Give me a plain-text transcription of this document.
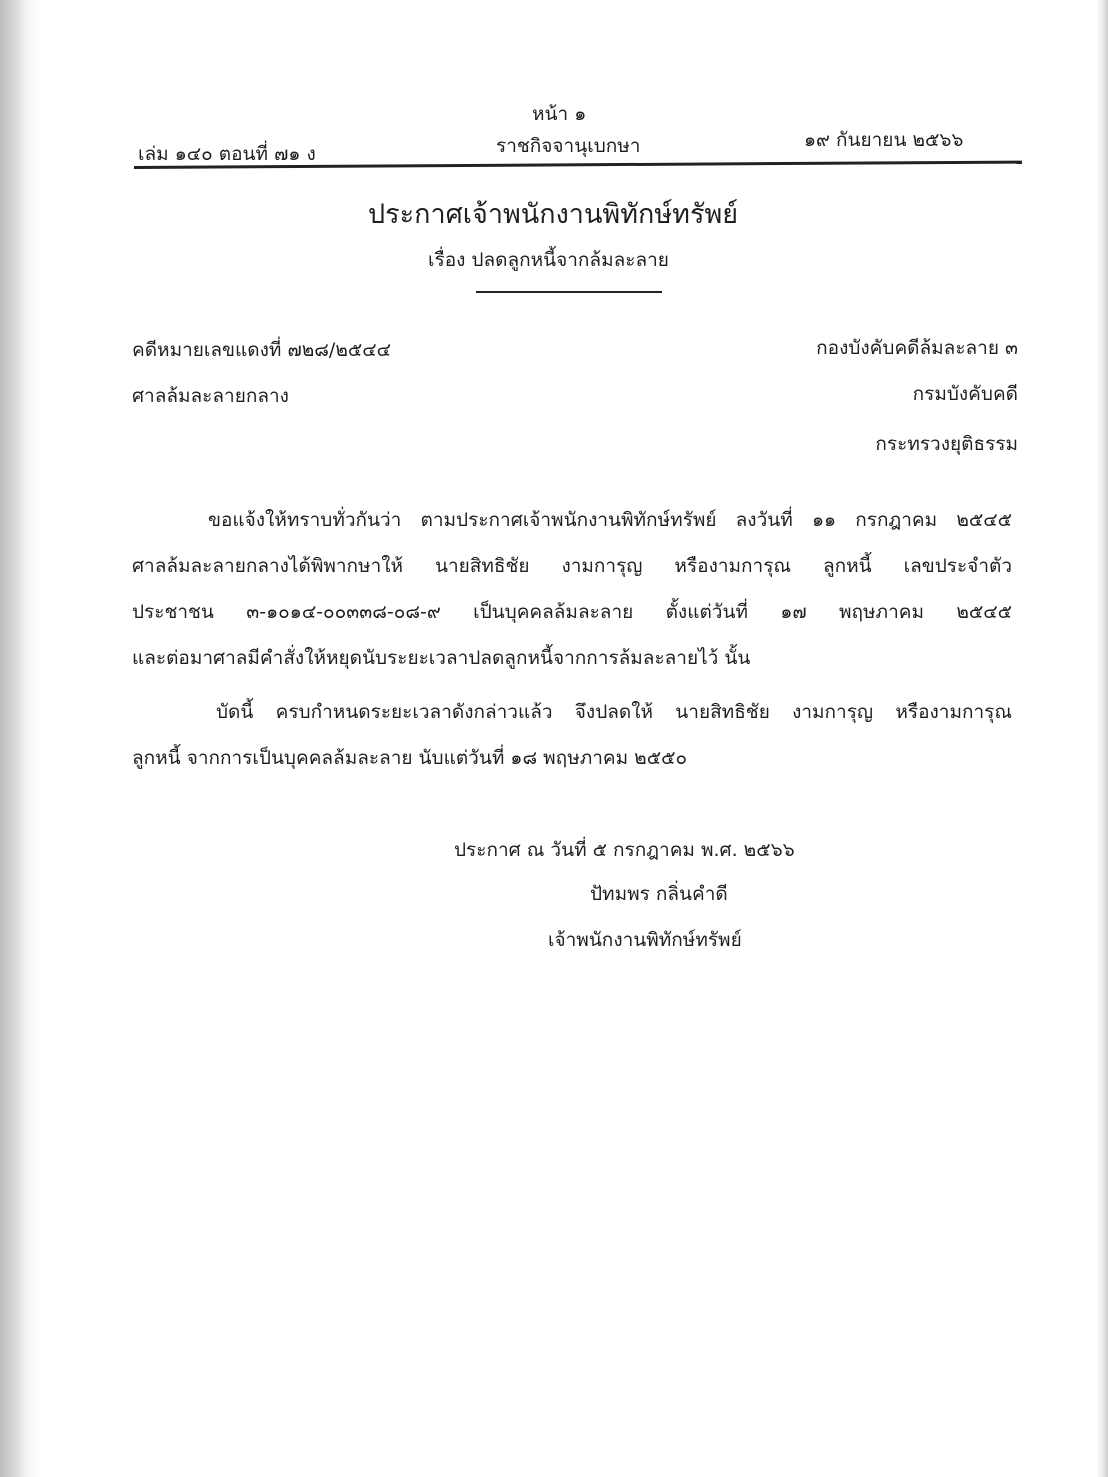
หน้า ๑
เล่ม ๑๔๐ ตอนที่ ๗๑ ง	ราชกิจจานุเบกษา	๑๙ กันยายน ๒๕๖๖
ประกาศเจ้าพนักงานพิทักษ์ทรัพย์
เรื่อง ปลดลูกหนี้จากล้มละลาย
คดีหมายเลขแดงที่ ๗๒๘/๒๕๔๔
ศาลล้มละลายกลาง
กองบังคับคดีล้มละลาย ๓
กรมบังคับคดี
กระทรวงยุติธรรม
ขอแจ้งให้ทราบทั่วกันว่า ตามประกาศเจ้าพนักงานพิทักษ์ทรัพย์ ลงวันที่ ๑๑ กรกฎาคม ๒๕๔๕
ศาลล้มละลายกลางได้พิพากษาให้ นายสิทธิชัย งามการุญ หรืองามการุณ ลูกหนี้ เลขประจำตัว
ประชาชน ๓-๑๐๑๔-๐๐๓๓๘-๐๘-๙ เป็นบุคคลล้มละลาย ตั้งแต่วันที่ ๑๗ พฤษภาคม ๒๕๔๕
และต่อมาศาลมีคำสั่งให้หยุดนับระยะเวลาปลดลูกหนี้จากการล้มละลายไว้ นั้น
บัดนี้ ครบกำหนดระยะเวลาดังกล่าวแล้ว จึงปลดให้ นายสิทธิชัย งามการุญ หรืองามการุณ
ลูกหนี้ จากการเป็นบุคคลล้มละลาย นับแต่วันที่ ๑๘ พฤษภาคม ๒๕๕๐
ประกาศ ณ วันที่ ๕ กรกฎาคม พ.ศ. ๒๕๖๖
ปัทมพร กลิ่นคำดี
เจ้าพนักงานพิทักษ์ทรัพย์
